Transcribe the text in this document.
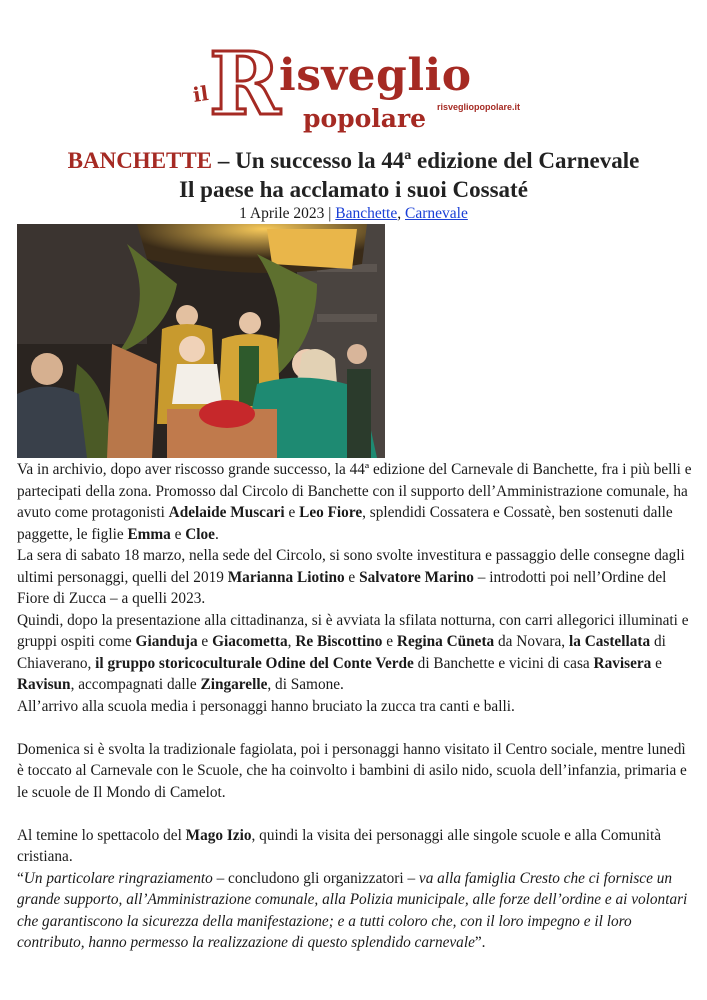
il R
isveglio
risvegliopopolare.it
popolare
BANCHETTE – Un successo la 44ª edizione del Carnevale
Il paese ha acclamato i suoi Cossaté
1 Aprile 2023 | Banchette, Carnevale

Va in archivio, dopo aver riscosso grande successo, la 44ª edizione del Carnevale di Banchette, fra i più belli e partecipati della zona. Promosso dal Circolo di Banchette con il supporto dell’Amministrazione comunale, ha avuto come protagonisti Adelaide Muscari e Leo Fiore, splendidi Cossatera e Cossatè, ben sostenuti dalle paggette, le figlie Emma e Cloe.

La sera di sabato 18 marzo, nella sede del Circolo, si sono svolte investitura e passaggio delle consegne dagli ultimi personaggi, quelli del 2019 Marianna Liotino e Salvatore Marino – introdotti poi nell’Ordine del Fiore di Zucca – a quelli 2023.

Quindi, dopo la presentazione alla cittadinanza, si è avviata la sfilata notturna, con carri allegorici illuminati e gruppi ospiti come Gianduja e Giacometta, Re Biscottino e Regina Cüneta da Novara, la Castellata di Chiaverano, il gruppo storicoculturale Odine del Conte Verde di Banchette e vicini di casa Ravisera e Ravisun, accompagnati dalle Zingarelle, di Samone.

All’arrivo alla scuola media i personaggi hanno bruciato la zucca tra canti e balli.

Domenica si è svolta la tradizionale fagiolata, poi i personaggi hanno visitato il Centro sociale, mentre lunedì è toccato al Carnevale con le Scuole, che ha coinvolto i bambini di asilo nido, scuola dell’infanzia, primaria e le scuole de Il Mondo di Camelot.

Al temine lo spettacolo del Mago Izio, quindi la visita dei personaggi alle singole scuole e alla Comunità cristiana.

“Un particolare ringraziamento – concludono gli organizzatori – va alla famiglia Cresto che ci fornisce un grande supporto, all’Amministrazione comunale, alla Polizia municipale, alle forze dell’ordine e ai volontari che garantiscono la sicurezza della manifestazione; e a tutti coloro che, con il loro impegno e il loro contributo, hanno permesso la realizzazione di questo splendido carnevale”.
